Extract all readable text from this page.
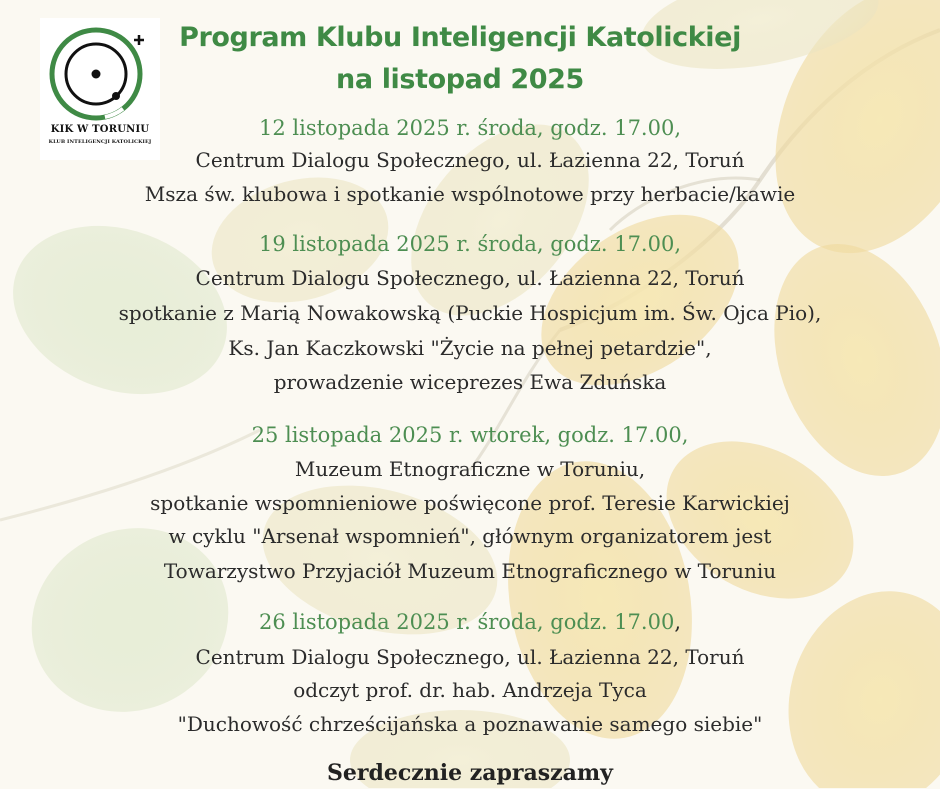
KIK W TORUNIU
KLUB INTELIGENCJI KATOLICKIEJ
Program Klubu Inteligencji Katolickiej
na listopad 2025
12 listopada 2025 r. środa, godz. 17.00,
Centrum Dialogu Społecznego, ul. Łazienna 22, Toruń
Msza św. klubowa i spotkanie wspólnotowe przy herbacie/kawie
19 listopada 2025 r. środa, godz. 17.00,
Centrum Dialogu Społecznego, ul. Łazienna 22, Toruń
spotkanie z Marią Nowakowską (Puckie Hospicjum im. Św. Ojca Pio),
Ks. Jan Kaczkowski "Życie na pełnej petardzie",
prowadzenie wiceprezes Ewa Zduńska
25 listopada 2025 r. wtorek, godz. 17.00,
Muzeum Etnograficzne w Toruniu,
spotkanie wspomnieniowe poświęcone prof. Teresie Karwickiej
w cyklu "Arsenał wspomnień", głównym organizatorem jest
Towarzystwo Przyjaciół Muzeum Etnograficznego w Toruniu
26 listopada 2025 r. środa, godz. 17.00,
Centrum Dialogu Społecznego, ul. Łazienna 22, Toruń
odczyt prof. dr. hab. Andrzeja Tyca
"Duchowość chrześcijańska a poznawanie samego siebie"
Serdecznie zapraszamy
